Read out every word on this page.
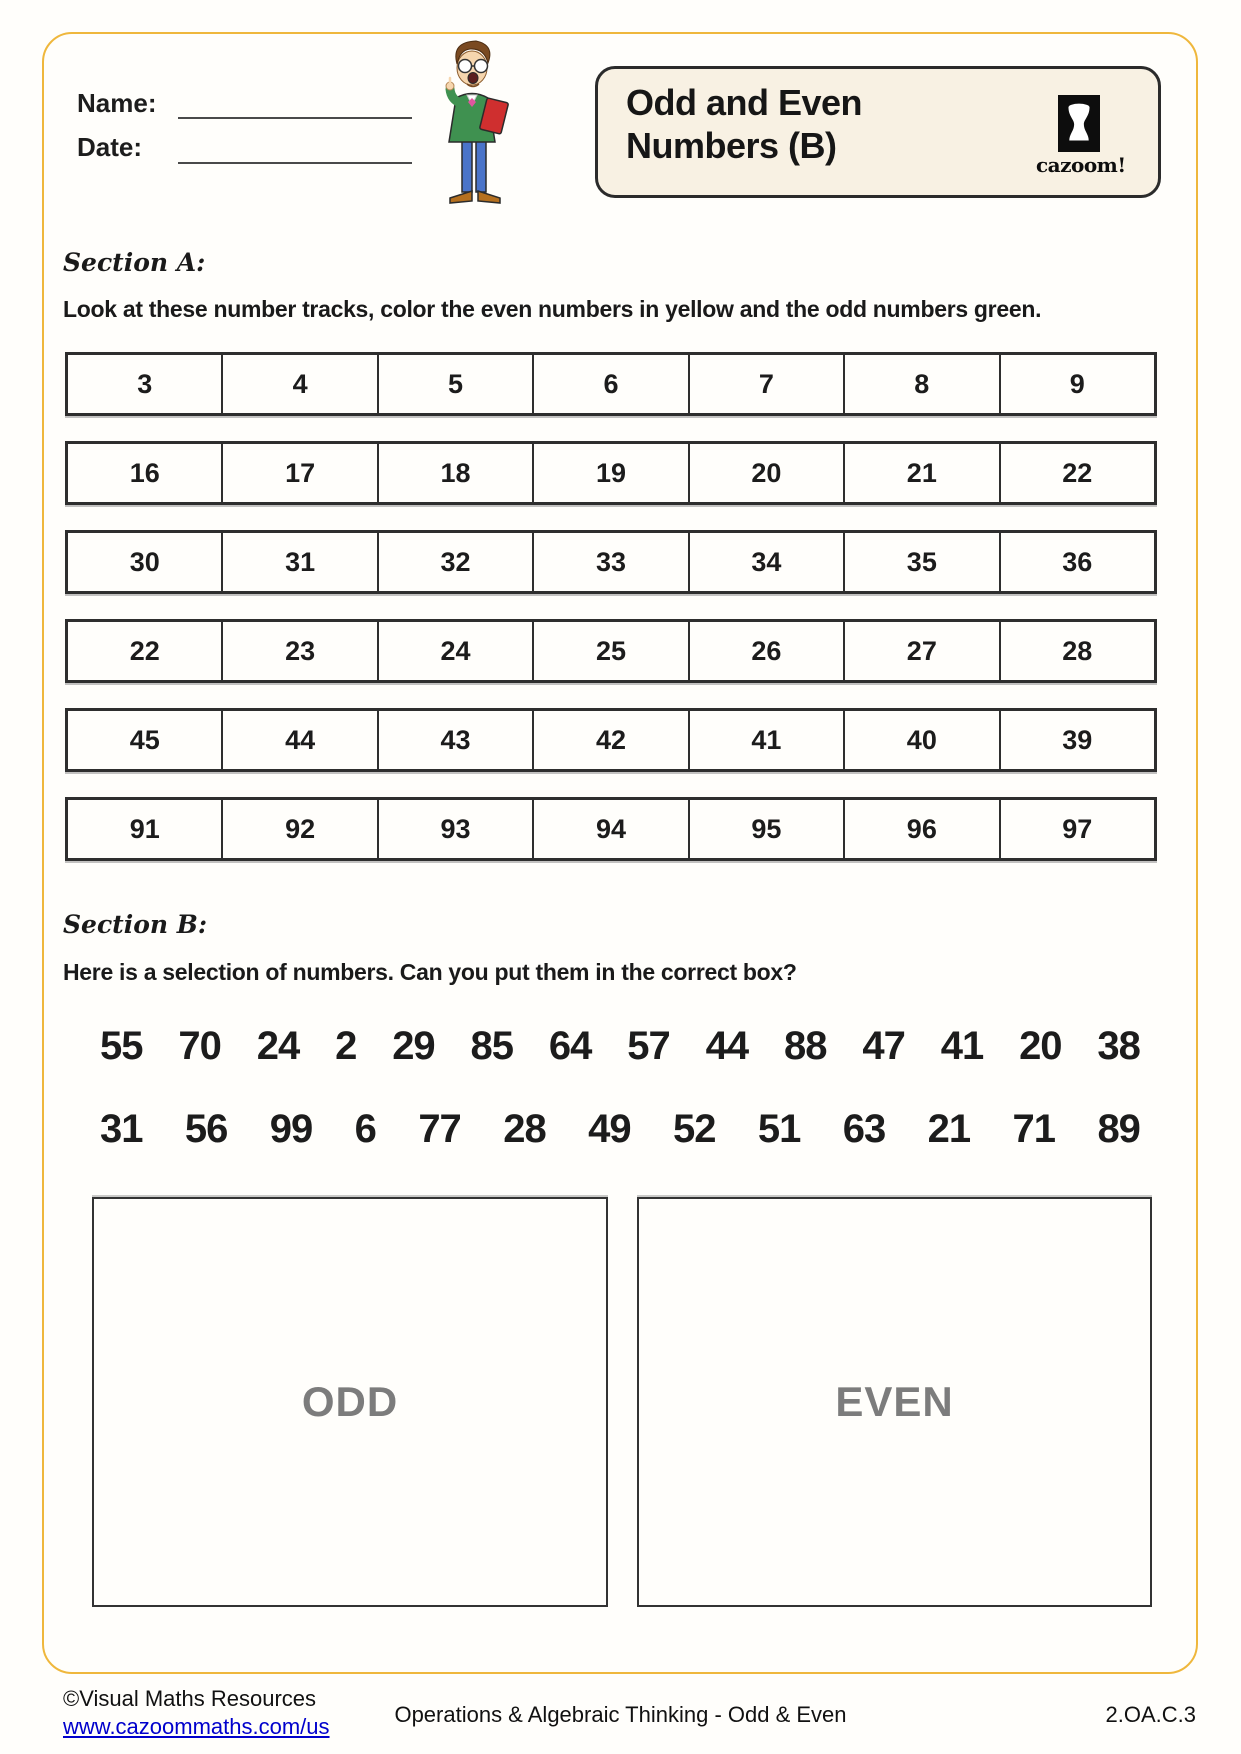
Name:
Date:
Odd and Even
Numbers (B)	cazoom!
Section A:
Look at these number tracks, color the even numbers in yellow and the odd numbers green.
3	4	5	6	7	8	9
16	17	18	19	20	21	22
30	31	32	33	34	35	36
22	23	24	25	26	27	28
45	44	43	42	41	40	39
91	92	93	94	95	96	97
Section B:
Here is a selection of numbers. Can you put them in the correct box?
55 70 24 2 29 85 64 57 44 88 47 41 20 38
31 56 99 6 77 28 49 52 51 63 21 71 89
ODD	EVEN
©Visual Maths Resources
www.cazoommaths.com/us	Operations & Algebraic Thinking - Odd & Even	2.OA.C.3
